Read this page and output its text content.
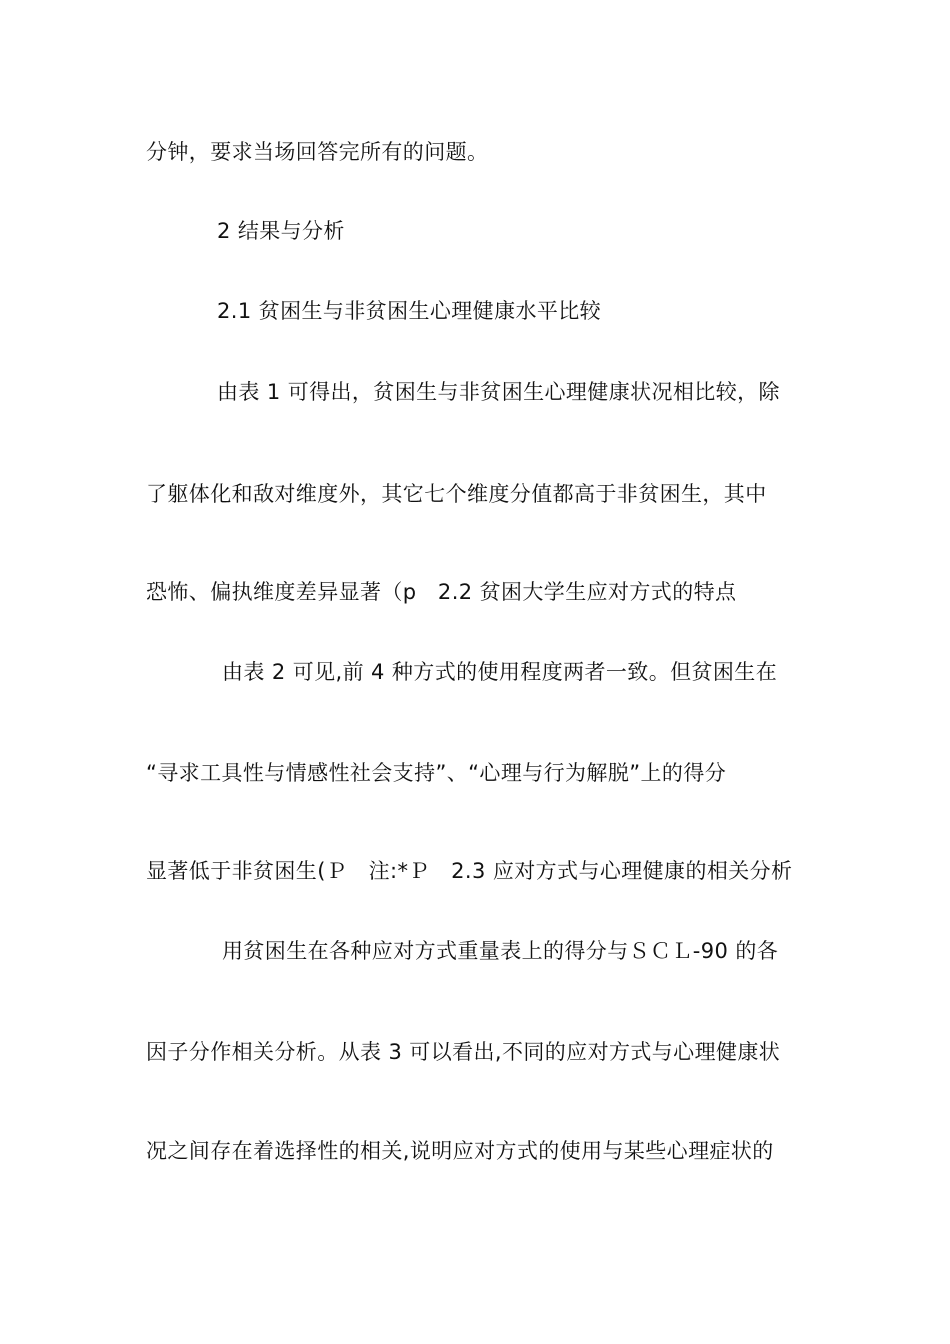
分钟，要求当场回答完所有的问题。
2 结果与分析
2.1 贫困生与非贫困生心理健康水平比较
由表 1 可得出，贫困生与非贫困生心理健康状况相比较，除
了躯体化和敌对维度外，其它七个维度分值都高于非贫困生，其中
恐怖、偏执维度差异显著（p　2.2 贫困大学生应对方式的特点
由表 2 可见,前 4 种方式的使用程度两者一致。但贫困生在
“寻求工具性与情感性社会支持”、“心理与行为解脱”上的得分
显著低于非贫困生(Ｐ　注:*Ｐ　2.3 应对方式与心理健康的相关分析
用贫困生在各种应对方式重量表上的得分与ＳＣＬ-90 的各
因子分作相关分析。从表 3 可以看出,不同的应对方式与心理健康状
况之间存在着选择性的相关,说明应对方式的使用与某些心理症状的
